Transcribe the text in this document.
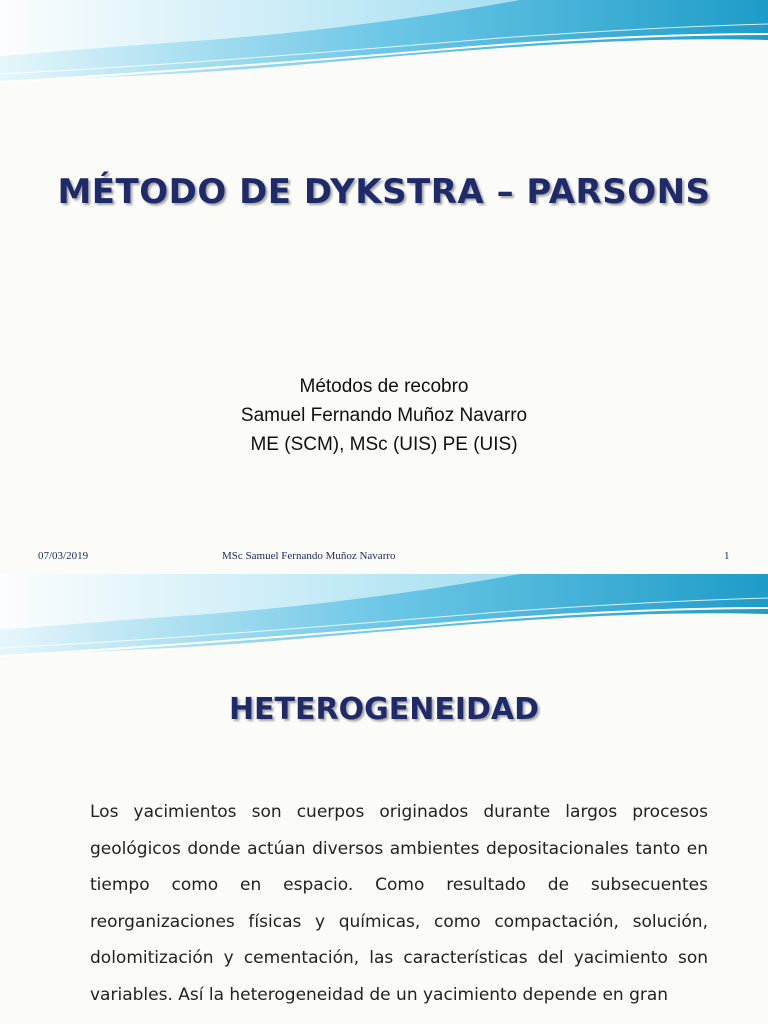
MÉTODO DE DYKSTRA – PARSONS
Métodos de recobro
Samuel Fernando Muñoz Navarro
ME (SCM), MSc (UIS) PE (UIS)
07/03/2019	MSc Samuel Fernando Muñoz Navarro	1
HETEROGENEIDAD

Los yacimientos son cuerpos originados durante largos procesos geológicos donde actúan diversos ambientes depositacionales tanto en tiempo como en espacio. Como resultado de subsecuentes reorganizaciones físicas y químicas, como compactación, solución, dolomitización y cementación, las características del yacimiento son variables. Así la heterogeneidad de un yacimiento depende en gran
